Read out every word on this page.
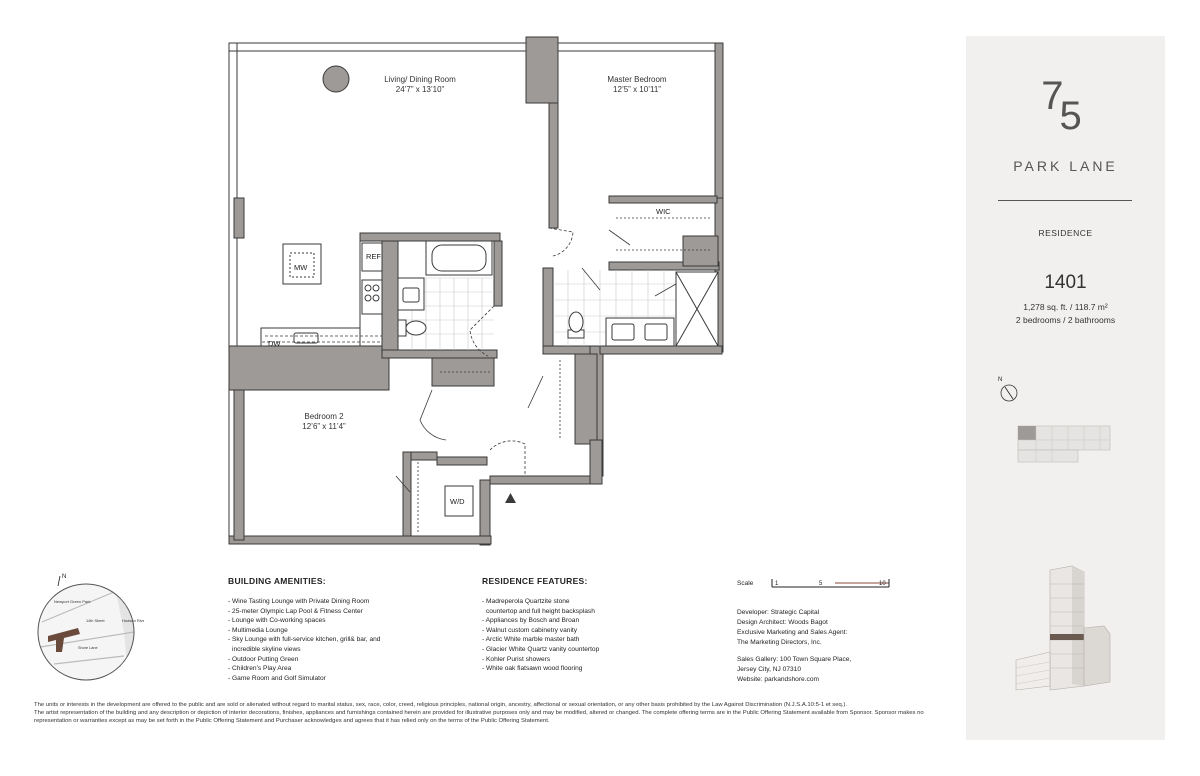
WIC
MW
REF
DW
W/D
Living/ Dining Room
24’7” x 13’10”
Master Bedroom
12’5” x 10’11”
Bedroom 2
12’6” x 11’4”
N
Newport Green Park
Hudson River
14th Street
Shore Lane
BUILDING AMENITIES:
- Wine Tasting Lounge with Private Dining Room
- 25-meter Olympic Lap Pool & Fitness Center
- Lounge with Co-working spaces
- Multimedia Lounge
- Sky Lounge with full-service kitchen, grill& bar, and
incredible skyline views
- Outdoor Putting Green
- Children’s Play Area
- Game Room and Golf Simulator
RESIDENCE FEATURES:
- Madreperola Quartzite stone
countertop and full height backsplash
- Appliances by Bosch and Broan
- Walnut custom cabinetry vanity
- Arctic White marble master bath
- Glacier White Quartz vanity countertop
- Kohler Purist showers
- White oak flatsawn wood flooring
Scale	1	5	10
Developer: Strategic Capital
Design Architect: Woods Bagot
Exclusive Marketing and Sales Agent:
The Marketing Directors, Inc.
Sales Gallery: 100 Town Square Place,
Jersey City, NJ 07310
Website: parkandshore.com

The units or interests in the development are offered to the public and are sold or alienated without regard to marital status, sex, race, color, creed, religious principles, national origin, ancestry, affectional or sexual orientation, or any other basis prohibited by the Law Against Discrimination (N.J.S.A.10:5-1 et seq.).

The artist representation of the building and any description or depiction of interior decorations, finishes, appliances and furnishings contained herein are provided for illustrative purposes only and may be modified, altered or changed. The complete offering terms are in the Public Offering Statement available from Sponsor. Sponsor makes no representation or warranties except as may be set forth in the Public Offering Statement and Purchaser acknowledges and agrees that it has relied only on the terms of the Public Offering Statement.

75
PARK LANE
RESIDENCE
1401
1,278 sq. ft. / 118.7 m²
2 bedrooms / 2 bathrooms
N
